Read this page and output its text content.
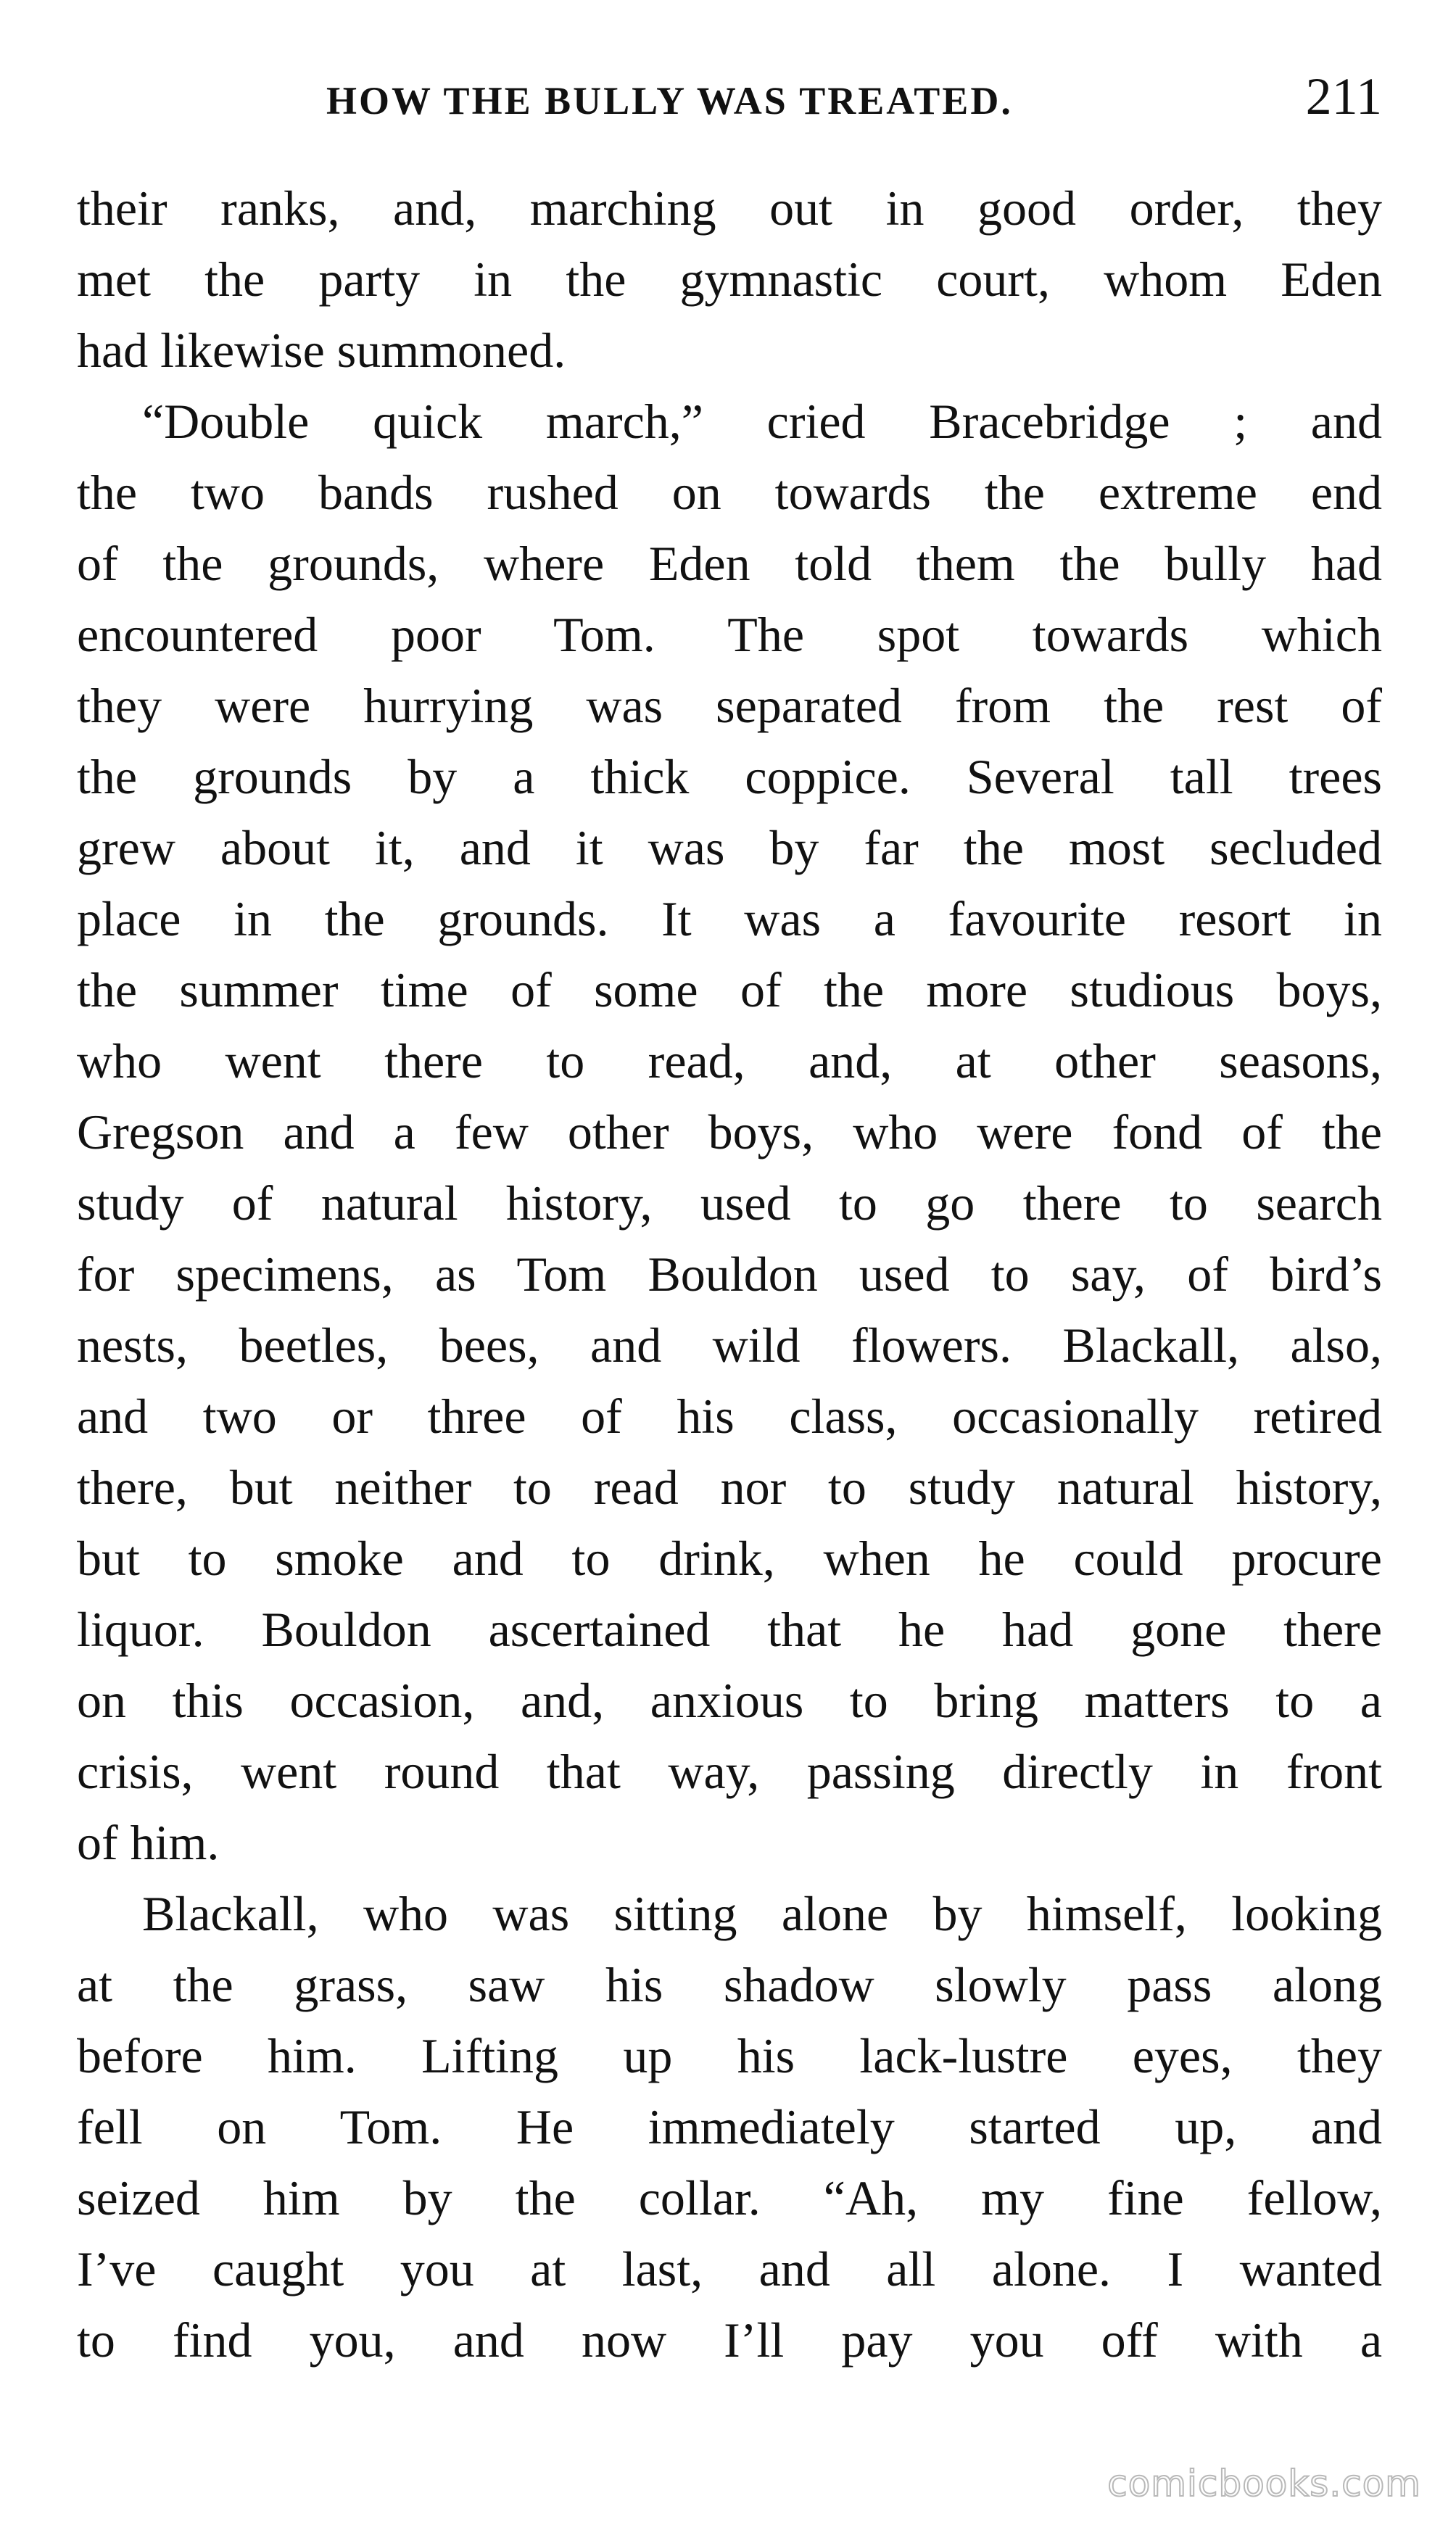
HOW THE BULLY WAS TREATED.	211
their ranks, and, marching out in good order, they
met the party in the gymnastic court, whom Eden
had likewise summoned.
“Double quick march,” cried Bracebridge ; and
the two bands rushed on towards the extreme end
of the grounds, where Eden told them the bully had
encountered poor Tom. The spot towards which
they were hurrying was separated from the rest of
the grounds by a thick coppice. Several tall trees
grew about it, and it was by far the most secluded
place in the grounds. It was a favourite resort in
the summer time of some of the more studious boys,
who went there to read, and, at other seasons,
Gregson and a few other boys, who were fond of the
study of natural history, used to go there to search
for specimens, as Tom Bouldon used to say, of bird’s
nests, beetles, bees, and wild flowers. Blackall, also,
and two or three of his class, occasionally retired
there, but neither to read nor to study natural history,
but to smoke and to drink, when he could procure
liquor. Bouldon ascertained that he had gone there
on this occasion, and, anxious to bring matters to a
crisis, went round that way, passing directly in front
of him.
Blackall, who was sitting alone by himself, looking
at the grass, saw his shadow slowly pass along
before him. Lifting up his lack-lustre eyes, they
fell on Tom. He immediately started up, and
seized him by the collar. “Ah, my fine fellow,
I’ve caught you at last, and all alone. I wanted
to find you, and now I’ll pay you off with a
comicbooks.com
